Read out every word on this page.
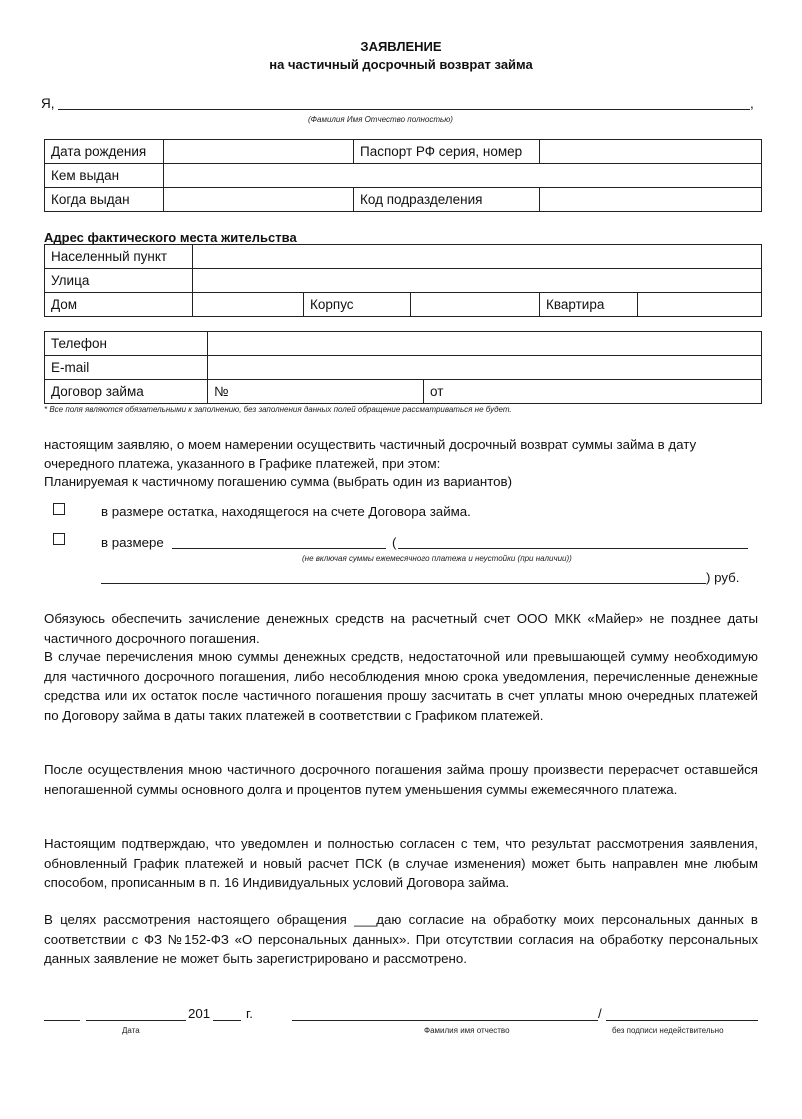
ЗАЯВЛЕНИЕ
на частичный досрочный возврат займа
Я,	,
(Фамилия Имя Отчество полностью)
Дата рождения		Паспорт РФ серия, номер	
Кем выдан			
Когда выдан		Код подразделения	
Адрес фактического места жительства
Населенный пункт					
Улица					
Дом		Корпус		Квартира	
Телефон		
E-mail		
Договор займа	№	от
* Все поля являются обязательными к заполнению, без заполнения данных полей обращение рассматриваться не будет.
настоящим заявляю, о моем намерении осуществить частичный досрочный возврат суммы займа в дату
очередного платежа, указанного в Графике платежей, при этом:
Планируемая к частичному погашению сумма (выбрать один из вариантов)
в размере остатка, находящегося на счете Договора займа.
в размере	(
(не включая суммы ежемесячного платежа и неустойки (при наличии))
) руб.
Обязуюсь обеспечить зачисление денежных средств на расчетный счет ООО МКК «Майер» не позднее даты частичного досрочного погашения.
В случае перечисления мною суммы денежных средств, недостаточной или превышающей сумму необходимую для частичного досрочного погашения, либо несоблюдения мною срока уведомления, перечисленные денежные средства или их остаток после частичного погашения прошу засчитать в счет уплаты мною очередных платежей по Договору займа в даты таких платежей в соответствии с Графиком платежей.
После осуществления мною частичного досрочного погашения займа прошу произвести перерасчет оставшейся непогашенной суммы основного долга и процентов путем уменьшения суммы ежемесячного платежа.
Настоящим подтверждаю, что уведомлен и полностью согласен с тем, что результат рассмотрения заявления, обновленный График платежей и новый расчет ПСК (в случае изменения) может быть направлен мне любым способом, прописанным в п. 16 Индивидуальных условий Договора займа.
В целях рассмотрения настоящего обращения ___даю согласие на обработку моих персональных данных в соответствии с ФЗ №152-ФЗ «О персональных данных». При отсутствии согласия на обработку персональных данных заявление не может быть зарегистрировано и рассмотрено.
201	г.	/
Дата	Фамилия имя отчество	без подписи недействительно
